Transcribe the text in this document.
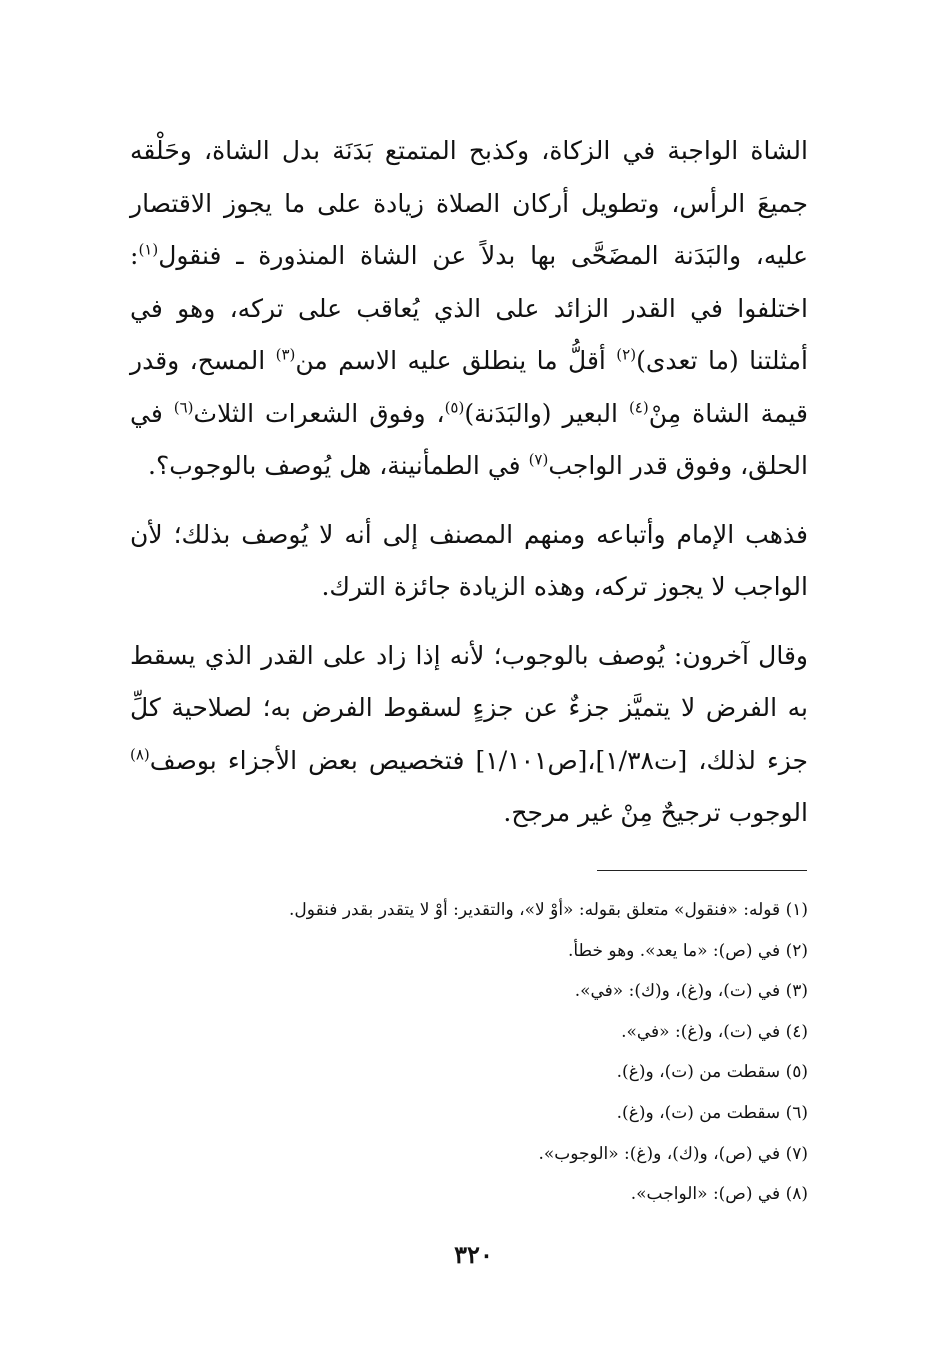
الشاة الواجبة في الزكاة، وكذبح المتمتع بَدَنَة بدل الشاة، وحَلْقه جميعَ الرأس، وتطويل أركان الصلاة زيادة على ما يجوز الاقتصار عليه، والبَدَنة المضَحَّى بها بدلاً عن الشاة المنذورة ـ فنقول$^{(١)}$: اختلفوا في القدر الزائد على الذي يُعاقب على تركه، وهو في أمثلتنا (ما تعدى)$^{(٢)}$ أقلُّ ما ينطلق عليه الاسم من$^{(٣)}$ المسح، وقدر قيمة الشاة مِنْ$^{(٤)}$ البعير (والبَدَنة)$^{(٥)}$، وفوق الشعرات الثلاث$^{(٦)}$ في الحلق، وفوق قدر الواجب$^{(٧)}$ في الطمأنينة، هل يُوصف بالوجوب؟.

فذهب الإمام وأتباعه ومنهم المصنف إلى أنه لا يُوصف بذلك؛ لأن الواجب لا يجوز تركه، وهذه الزيادة جائزة الترك.

وقال آخرون: يُوصف بالوجوب؛ لأنه إذا زاد على القدر الذي يسقط به الفرض لا يتميَّز جزءٌ عن جزءٍ لسقوط الفرض به؛ لصلاحية كلِّ جزء لذلك، [ت١/٣٨]،[ص١/١٠١] فتخصيص بعض الأجزاء بوصف$^{(٨)}$ الوجوب ترجيحٌ مِنْ غير مرجح.

(١) قوله: «فنقول» متعلق بقوله: «أوْ لا»، والتقدير: أوْ لا يتقدر بقدر فنقول.
(٢) في (ص): «ما يعد». وهو خطأ.
(٣) في (ت)، و(غ)، و(ك): «في».
(٤) في (ت)، و(غ): «في».
(٥) سقطت من (ت)، و(غ).
(٦) سقطت من (ت)، و(غ).
(٧) في (ص)، و(ك)، و(غ): «الوجوب».
(٨) في (ص): «الواجب».
٣٢٠
